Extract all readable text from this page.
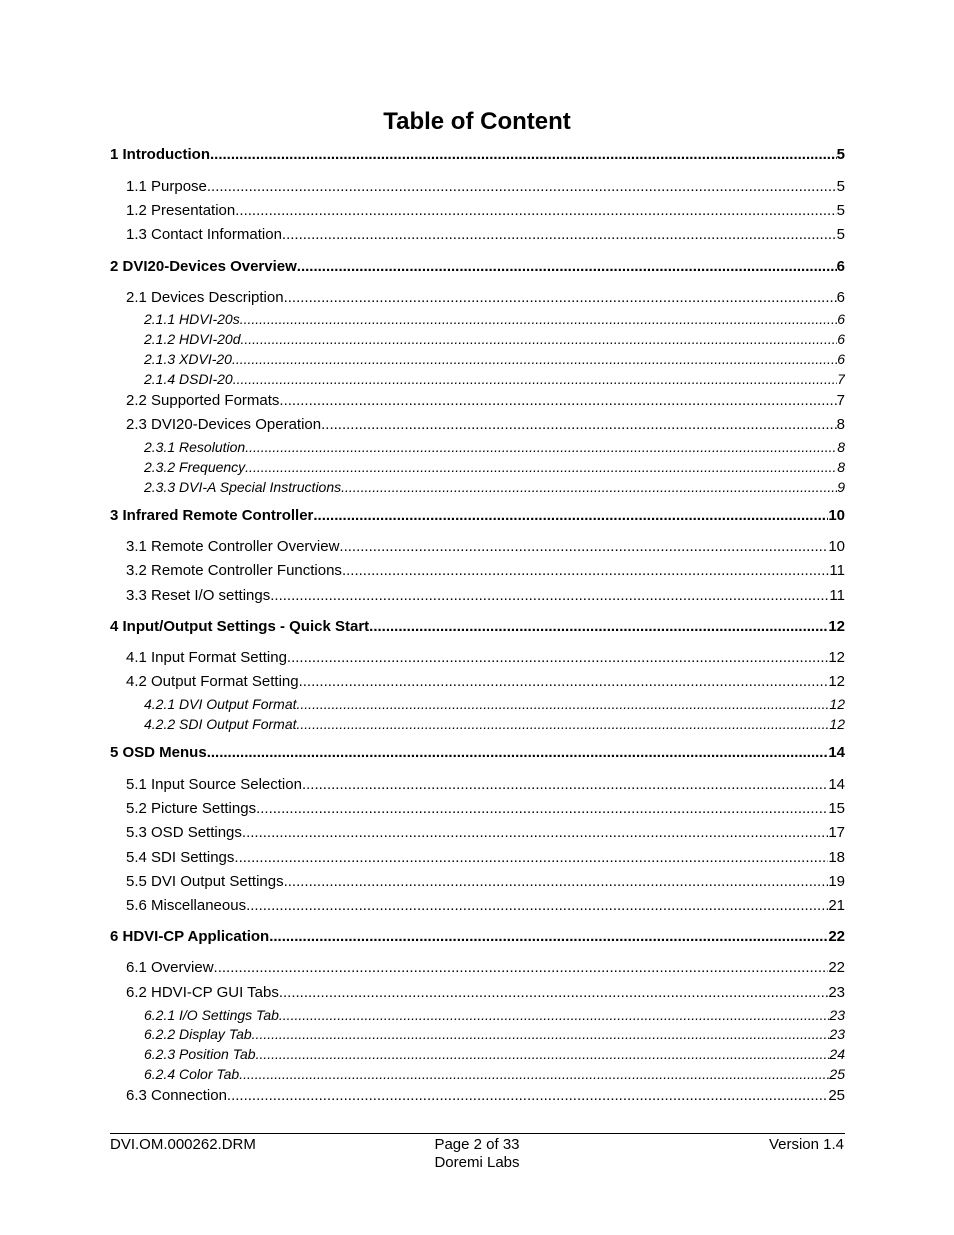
Table of Content
1 Introduction .....	5
1.1 Purpose .....	5
1.2 Presentation .....	5
1.3 Contact Information .....	5
2 DVI20-Devices Overview .....	6
2.1 Devices Description .....	6
2.1.1 HDVI-20s .....	6
2.1.2 HDVI-20d .....	6
2.1.3 XDVI-20 .....	6
2.1.4 DSDI-20 .....	7
2.2 Supported Formats .....	7
2.3 DVI20-Devices Operation .....	8
2.3.1 Resolution .....	8
2.3.2 Frequency .....	8
2.3.3 DVI-A Special Instructions .....	9
3 Infrared Remote Controller .....	10
3.1 Remote Controller Overview .....	10
3.2 Remote Controller Functions .....	11
3.3 Reset I/O settings .....	11
4 Input/Output Settings - Quick Start .....	12
4.1 Input Format Setting .....	12
4.2 Output Format Setting .....	12
4.2.1 DVI Output Format .....	12
4.2.2 SDI Output Format .....	12
5 OSD Menus .....	14
5.1 Input Source Selection .....	14
5.2 Picture Settings .....	15
5.3 OSD Settings .....	17
5.4 SDI Settings .....	18
5.5 DVI Output Settings .....	19
5.6 Miscellaneous .....	21
6 HDVI-CP Application .....	22
6.1 Overview .....	22
6.2 HDVI-CP GUI Tabs .....	23
6.2.1 I/O Settings Tab .....	23
6.2.2 Display Tab .....	23
6.2.3 Position Tab .....	24
6.2.4 Color Tab .....	25
6.3 Connection .....	25
DVI.OM.000262.DRM	Page 2 of 33
Doremi Labs
Version 1.4
